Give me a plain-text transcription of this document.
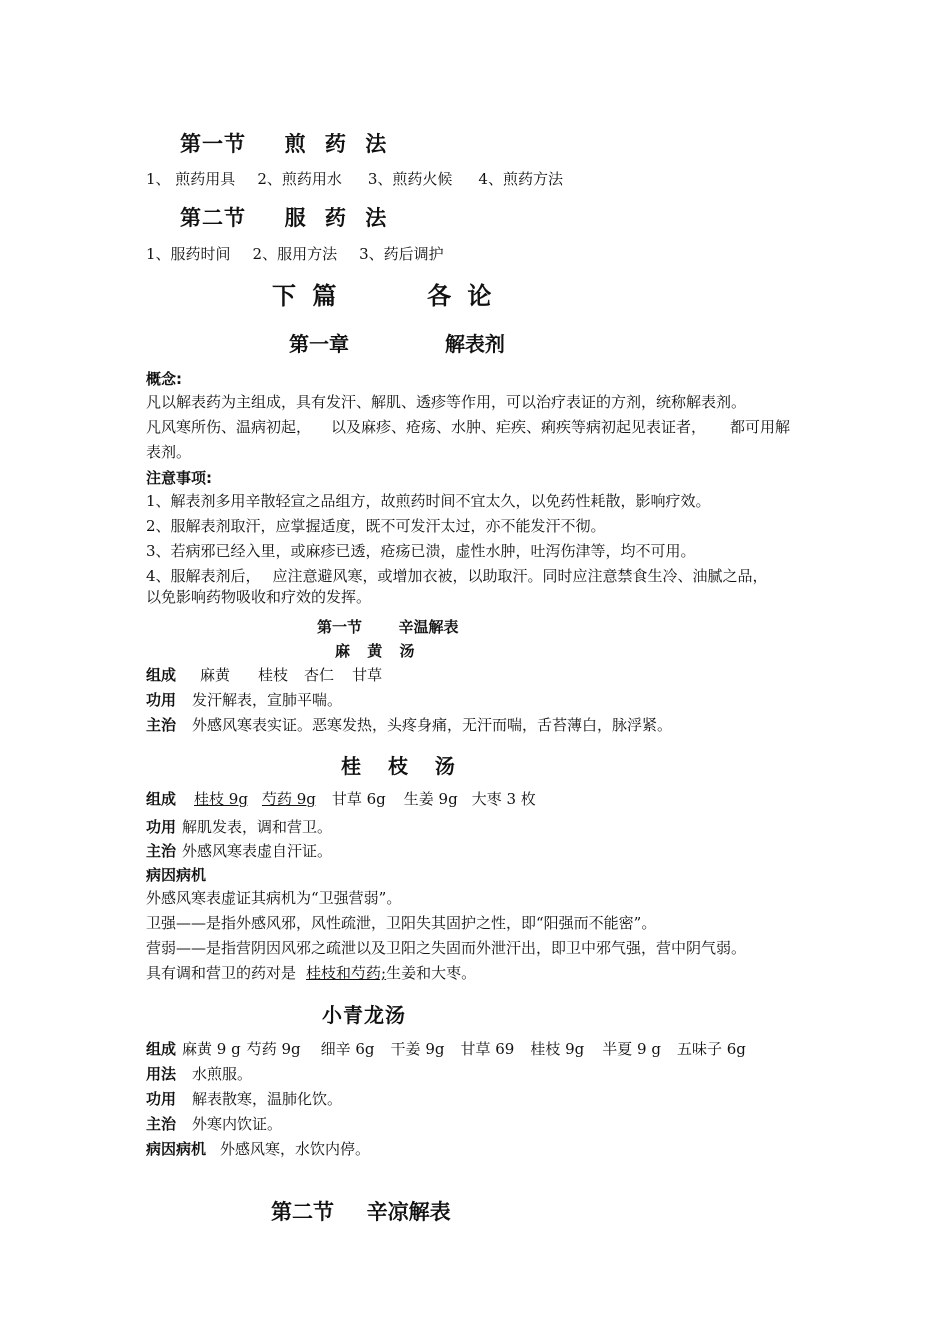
第一节 煎 药 法
1、 煎药用具 2、煎药用水 3、煎药火候 4、煎药方法
第二节 服 药 法
1、服药时间 2、服用方法 3、药后调护
下 篇	各 论
第一章	解表剂
概念:
凡以解表药为主组成，具有发汗、解肌、透疹等作用，可以治疗表证的方剂，统称解表剂。
凡风寒所伤、温病初起， 以及麻疹、疮疡、水肿、疟疾、痢疾等病初起见表证者， 都可用解
表剂。
注意事项:
1、解表剂多用辛散轻宣之品组方，故煎药时间不宜太久，以免药性耗散，影响疗效。
2、服解表剂取汗，应掌握适度，既不可发汗太过，亦不能发汗不彻。
3、若病邪已经入里，或麻疹已透，疮疡已溃，虚性水肿，吐泻伤津等，均不可用。
4、服解表剂后， 应注意避风寒，或增加衣被，以助取汗。同时应注意禁食生冷、油腻之品，
以免影响药物吸收和疗效的发挥。
第一节 辛温解表
麻 黄 汤
组成 麻黄 桂枝 杏仁 甘草
功用 发汗解表，宣肺平喘。
主治 外感风寒表实证。恶寒发热，头疼身痛，无汗而喘，舌苔薄白，脉浮紧。
桂 枝 汤
组成 桂枝 9g 芍药 9g 甘草 6g 生姜 9g 大枣 3 枚
功用 解肌发表，调和营卫。
主治 外感风寒表虚自汗证。
病因病机
外感风寒表虚证其病机为“卫强营弱”。
卫强——是指外感风邪，风性疏泄，卫阳失其固护之性，即“阳强而不能密”。
营弱——是指营阴因风邪之疏泄以及卫阳之失固而外泄汗出，即卫中邪气强，营中阴气弱。
具有调和营卫的药对是 桂枝和芍药;生姜和大枣。
小青龙汤
组成 麻黄 9 g 芍药 9g 细辛 6g 干姜 9g 甘草 69 桂枝 9g 半夏 9 g 五味子 6g
用法 水煎服。
功用 解表散寒，温肺化饮。
主治 外寒内饮证。
病因病机 外感风寒，水饮内停。
第二节 辛凉解表
